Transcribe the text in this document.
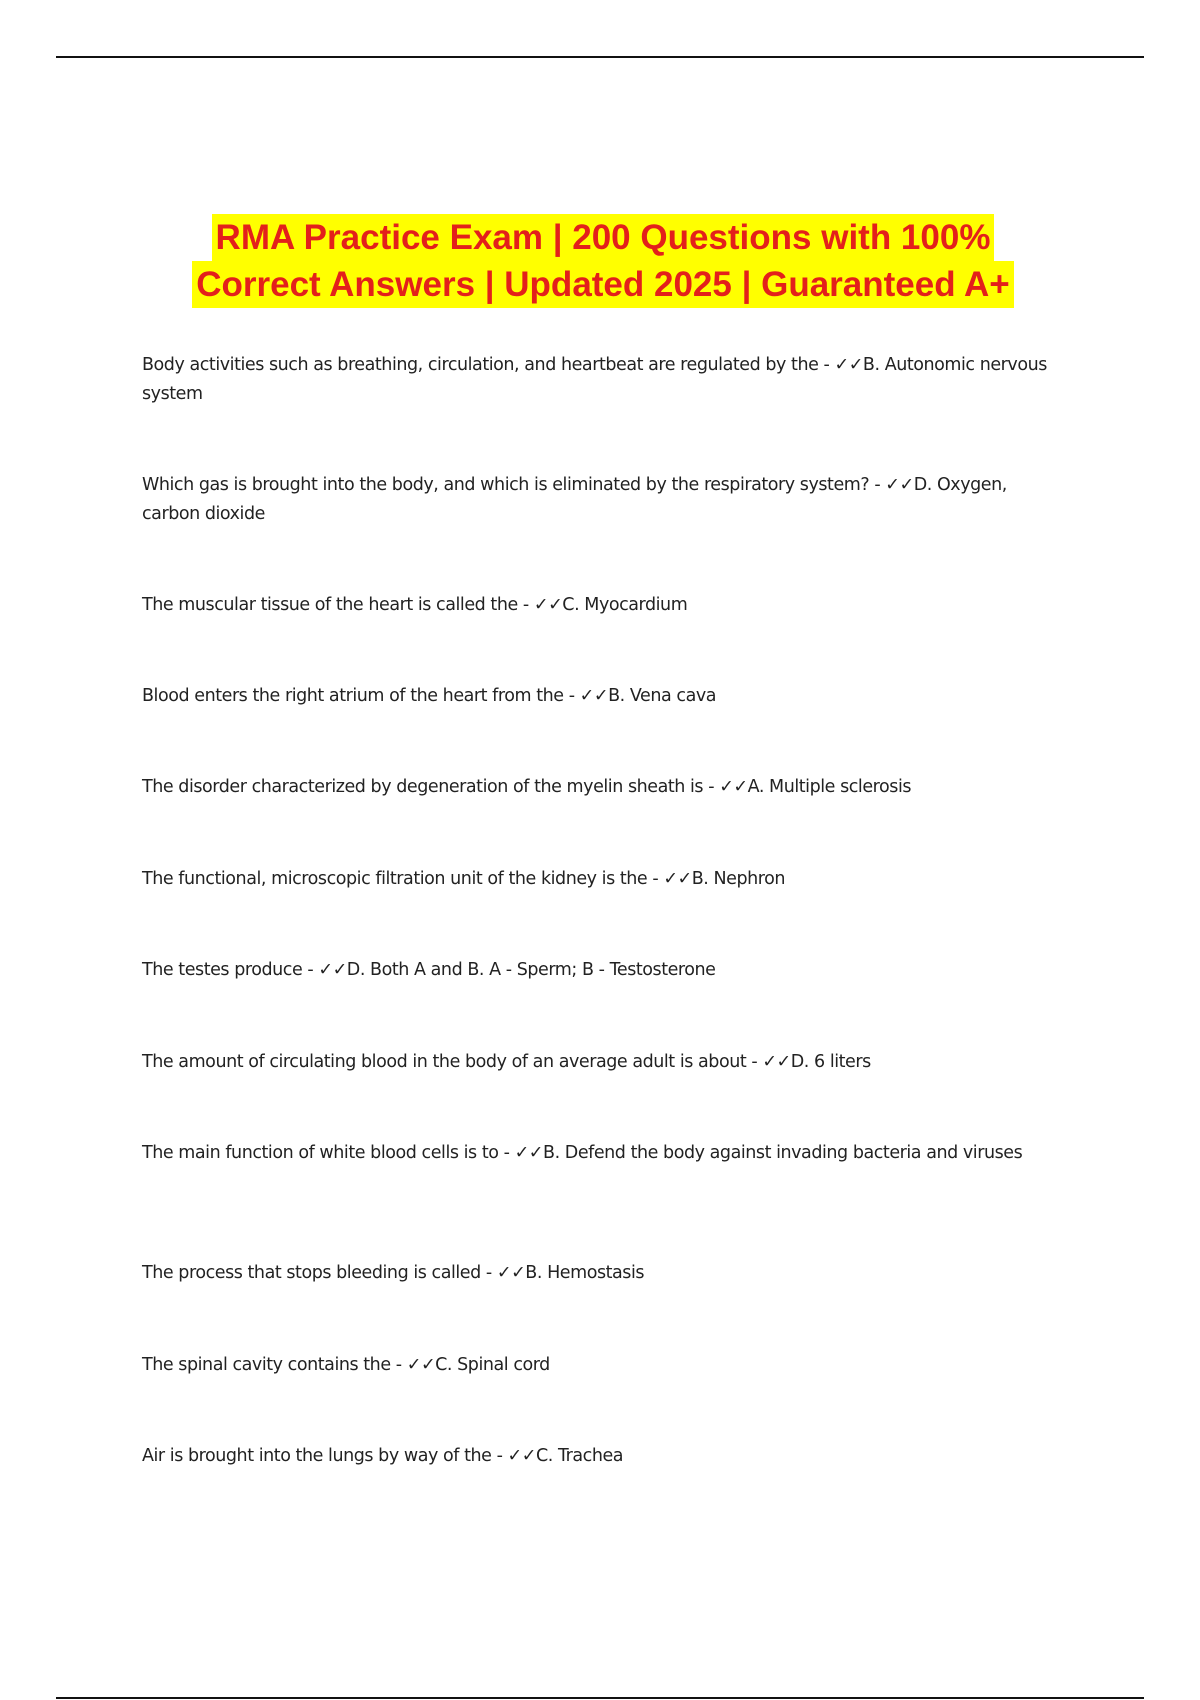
RMA Practice Exam | 200 Questions with 100%
Correct Answers | Updated 2025 | Guaranteed A+
Body activities such as breathing, circulation, and heartbeat are regulated by the - ✓✓B. Autonomic nervous system
Which gas is brought into the body, and which is eliminated by the respiratory system? - ✓✓D. Oxygen, carbon dioxide
The muscular tissue of the heart is called the - ✓✓C. Myocardium
Blood enters the right atrium of the heart from the - ✓✓B. Vena cava
The disorder characterized by degeneration of the myelin sheath is - ✓✓A. Multiple sclerosis
The functional, microscopic filtration unit of the kidney is the - ✓✓B. Nephron
The testes produce - ✓✓D. Both A and B. A - Sperm; B - Testosterone
The amount of circulating blood in the body of an average adult is about - ✓✓D. 6 liters
The main function of white blood cells is to - ✓✓B. Defend the body against invading bacteria and viruses
The process that stops bleeding is called - ✓✓B. Hemostasis
The spinal cavity contains the - ✓✓C. Spinal cord
Air is brought into the lungs by way of the - ✓✓C. Trachea
